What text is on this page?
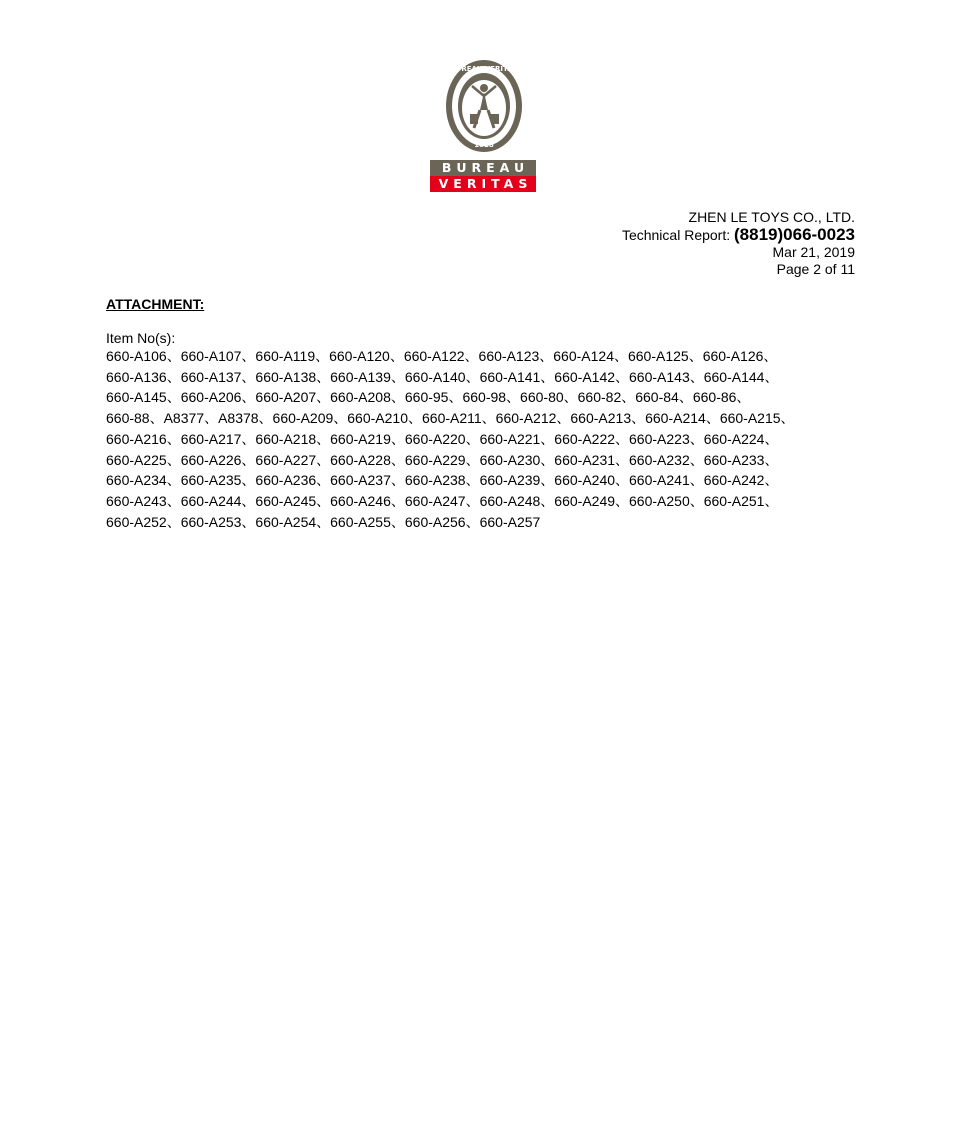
BUREAU VERITAS
1828
BUREAU
VERITAS
ZHEN LE TOYS CO., LTD.
Technical Report: (8819)066-0023
Mar 21, 2019
Page 2 of 11
ATTACHMENT:
Item No(s):
660-A106、660-A107、660-A119、660-A120、660-A122、660-A123、660-A124、660-A125、660-A126、
660-A136、660-A137、660-A138、660-A139、660-A140、660-A141、660-A142、660-A143、660-A144、
660-A145、660-A206、660-A207、660-A208、660-95、660-98、660-80、660-82、660-84、660-86、
660-88、A8377、A8378、660-A209、660-A210、660-A211、660-A212、660-A213、660-A214、660-A215、
660-A216、660-A217、660-A218、660-A219、660-A220、660-A221、660-A222、660-A223、660-A224、
660-A225、660-A226、660-A227、660-A228、660-A229、660-A230、660-A231、660-A232、660-A233、
660-A234、660-A235、660-A236、660-A237、660-A238、660-A239、660-A240、660-A241、660-A242、
660-A243、660-A244、660-A245、660-A246、660-A247、660-A248、660-A249、660-A250、660-A251、
660-A252、660-A253、660-A254、660-A255、660-A256、660-A257
